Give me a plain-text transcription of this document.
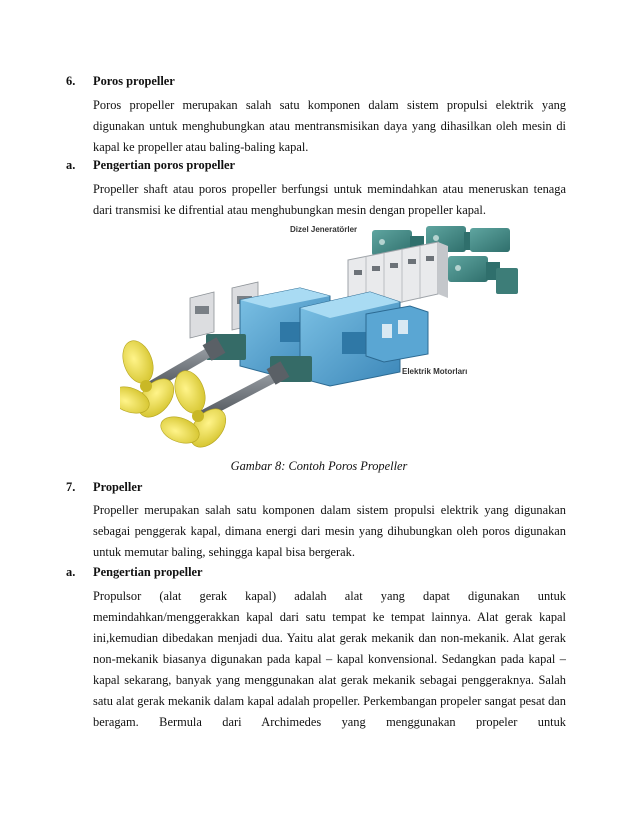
6. Poros propeller
Poros propeller merupakan salah satu komponen dalam sistem propulsi elektrik yang digunakan untuk menghubungkan atau mentransmisikan daya yang dihasilkan oleh mesin di kapal ke propeller atau baling-baling kapal.
a. Pengertian poros propeller
Propeller shaft atau poros propeller berfungsi untuk memindahkan atau meneruskan tenaga dari transmisi ke difrential atau menghubungkan mesin dengan propeller kapal.
Dizel Jeneratörler
Elektrik Motorları
Gambar 8: Contoh Poros Propeller
7. Propeller
Propeller merupakan salah satu komponen dalam sistem propulsi elektrik yang digunakan sebagai penggerak kapal, dimana energi dari mesin yang dihubungkan oleh poros digunakan untuk memutar baling, sehingga kapal bisa bergerak.
a. Pengertian propeller
Propulsor (alat gerak kapal) adalah alat yang dapat digunakan untuk memindahkan/menggerakkan kapal dari satu tempat ke tempat lainnya. Alat gerak kapal ini,kemudian dibedakan menjadi dua. Yaitu alat gerak mekanik dan non-mekanik. Alat gerak non-mekanik biasanya digunakan pada kapal – kapal konvensional. Sedangkan pada kapal – kapal sekarang, banyak yang menggunakan alat gerak mekanik sebagai penggeraknya. Salah satu alat gerak mekanik dalam kapal adalah propeller. Perkembangan propeler sangat pesat dan beragam. Bermula dari Archimedes yang menggunakan propeler untuk
